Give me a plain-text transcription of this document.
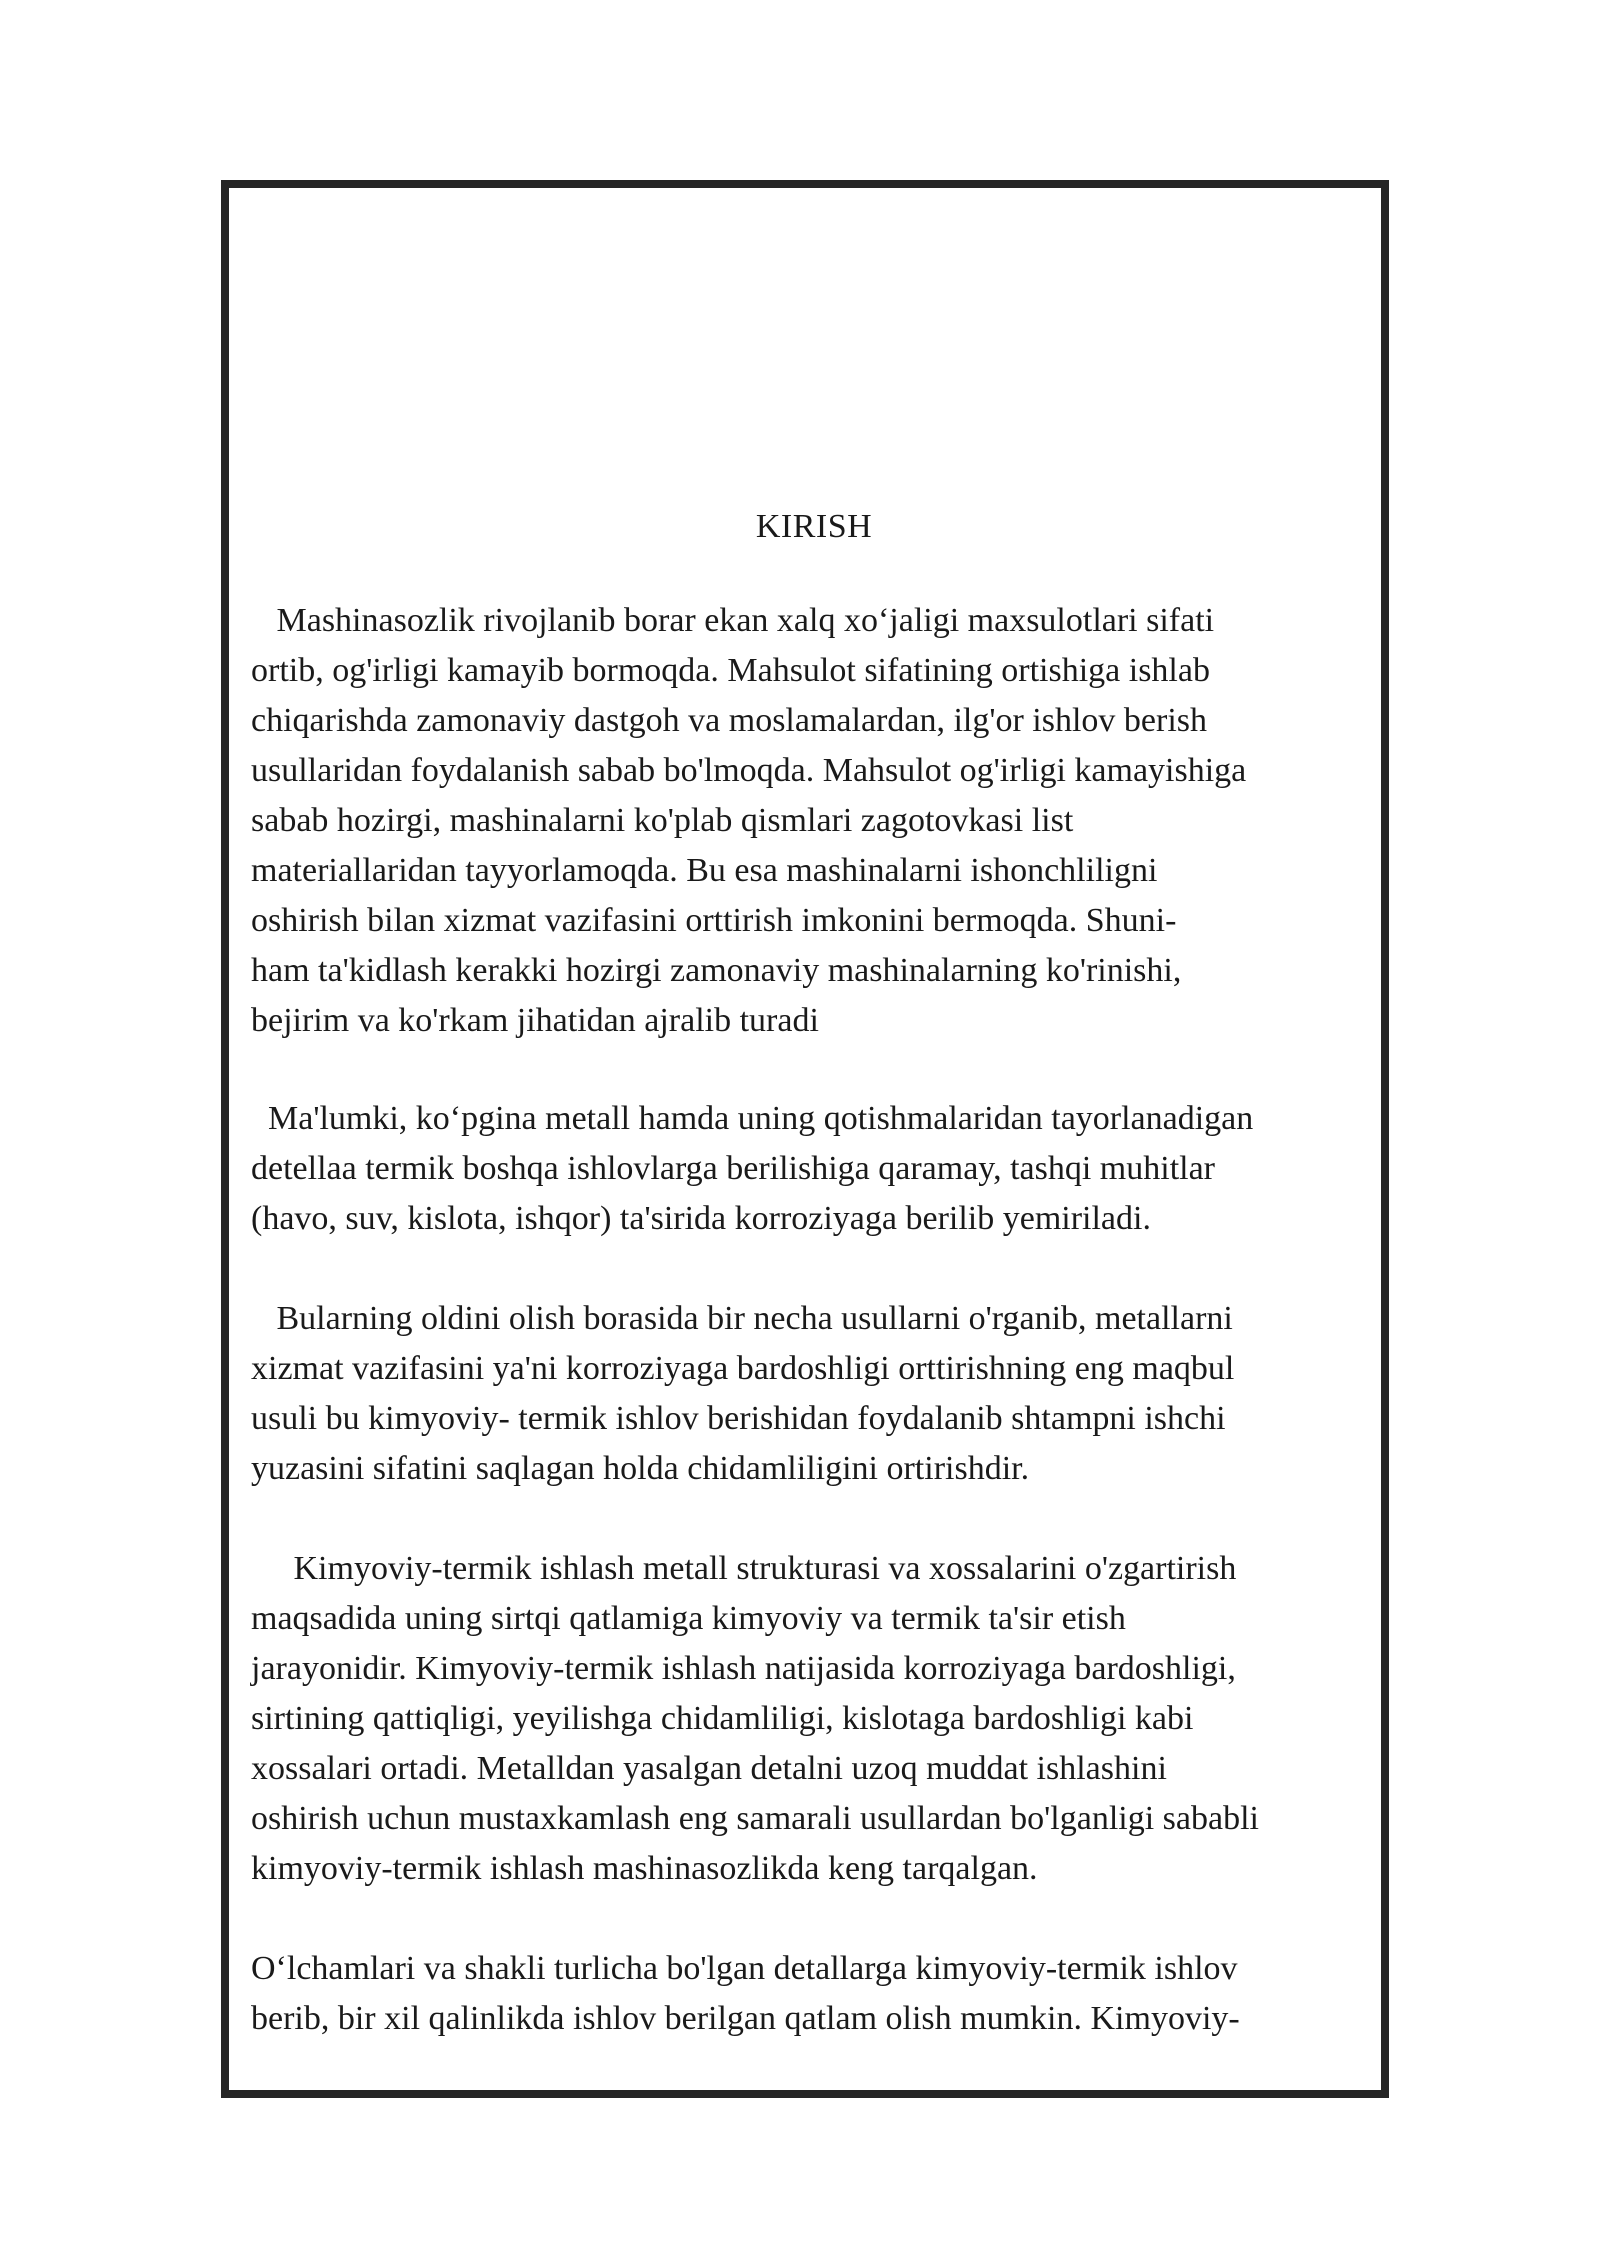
KIRISH

Mashinasozlik rivojlanib borar ekan xalq xo‘jaligi maxsulotlari sifati

ortib, og'irligi kamayib bormoqda. Mahsulot sifatining ortishiga ishlab

chiqarishda zamonaviy dastgoh va moslamalardan, ilg'or ishlov berish

usullaridan foydalanish sabab bo'lmoqda. Mahsulot og'irligi kamayishiga

sabab hozirgi, mashinalarni ko'plab qismlari zagotovkasi list

materiallaridan tayyorlamoqda. Bu esa mashinalarni ishonchliligni

oshirish bilan xizmat vazifasini orttirish imkonini bermoqda. Shuni-

ham ta'kidlash kerakki hozirgi zamonaviy mashinalarning ko'rinishi,

bejirim va ko'rkam jihatidan ajralib turadi

Ma'lumki, ko‘pgina metall hamda uning qotishmalaridan tayorlanadigan

detellaa termik boshqa ishlovlarga berilishiga qaramay, tashqi muhitlar

(havo, suv, kislota, ishqor) ta'sirida korroziyaga berilib yemiriladi.

Bularning oldini olish borasida bir necha usullarni o'rganib, metallarni

xizmat vazifasini ya'ni korroziyaga bardoshligi orttirishning eng maqbul

usuli bu kimyoviy- termik ishlov berishidan foydalanib shtampni ishchi

yuzasini sifatini saqlagan holda chidamliligini ortirishdir.

Kimyoviy-termik ishlash metall strukturasi va xossalarini o'zgartirish

maqsadida uning sirtqi qatlamiga kimyoviy va termik ta'sir etish

jarayonidir. Kimyoviy-termik ishlash natijasida korroziyaga bardoshligi,

sirtining qattiqligi, yeyilishga chidamliligi, kislotaga bardoshligi kabi

xossalari ortadi. Metalldan yasalgan detalni uzoq muddat ishlashini

oshirish uchun mustaxkamlash eng samarali usullardan bo'lganligi sababli

kimyoviy-termik ishlash mashinasozlikda keng tarqalgan.

O‘lchamlari va shakli turlicha bo'lgan detallarga kimyoviy-termik ishlov

berib, bir xil qalinlikda ishlov berilgan qatlam olish mumkin. Kimyoviy-
